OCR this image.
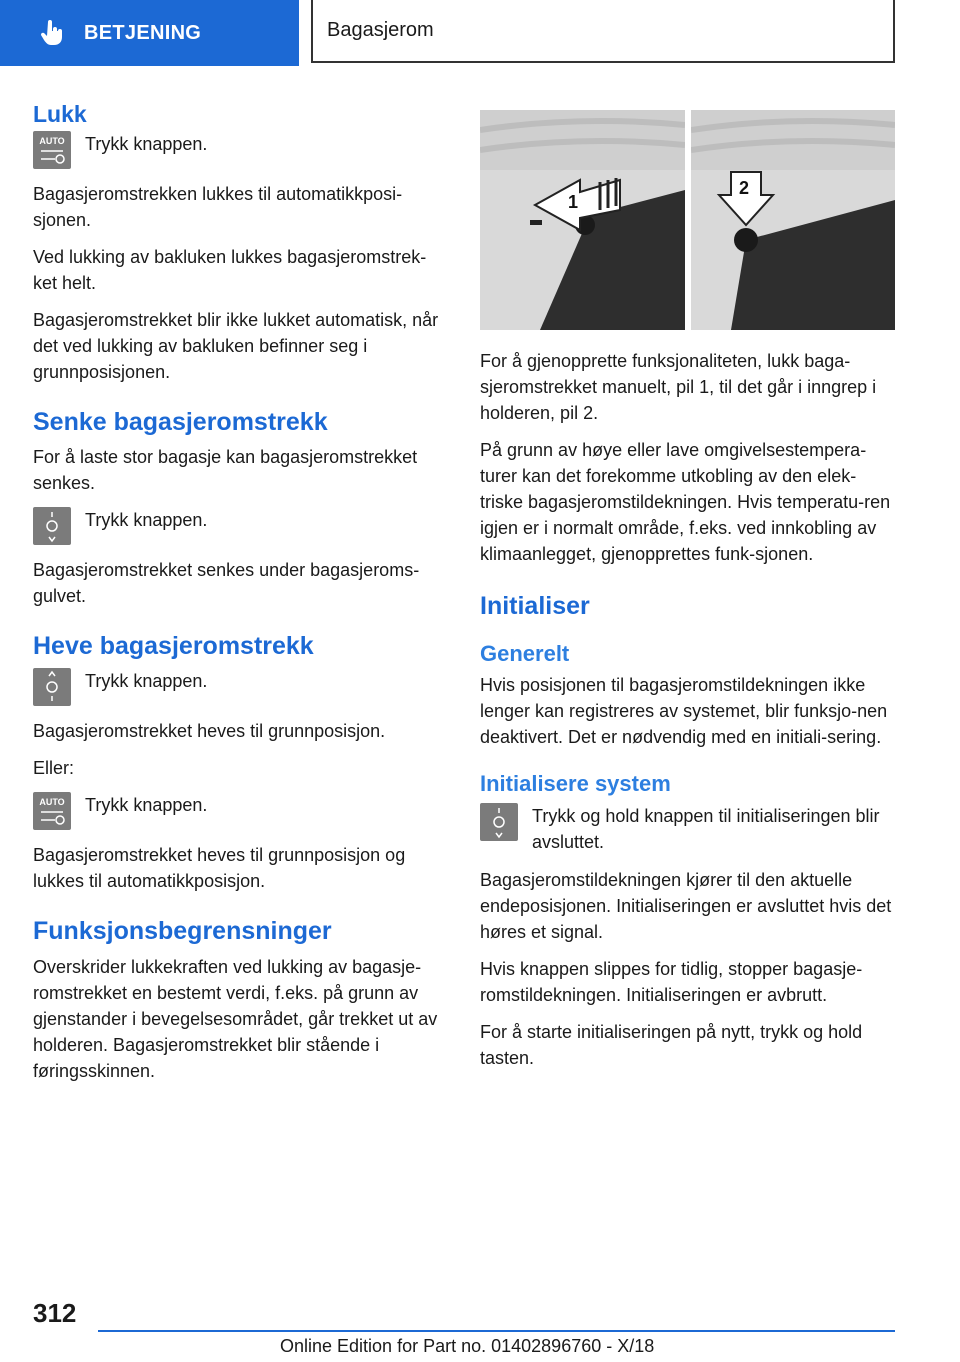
BETJENING	Bagasjerom
Lukk
AUTO Trykk knappen.

Bagasjeromstrekken lukkes til automatikkposi-sjonen.

Ved lukking av bakluken lukkes bagasjeromstrek-ket helt.

Bagasjeromstrekket blir ikke lukket automatisk, når det ved lukking av bakluken befinner seg i grunnposisjonen.

Senke bagasjeromstrekk

For å laste stor bagasje kan bagasjeromstrekket senkes.

Trykk knappen.

Bagasjeromstrekket senkes under bagasjeroms-gulvet.

Heve bagasjeromstrekk

Trykk knappen.

Bagasjeromstrekket heves til grunnposisjon.

Eller:

AUTO Trykk knappen.

Bagasjeromstrekket heves til grunnposisjon og lukkes til automatikkposisjon.

Funksjonsbegrensninger

Overskrider lukkekraften ved lukking av bagasje-romstrekket en bestemt verdi, f.eks. på grunn av gjenstander i bevegelsesområdet, går trekket ut av holderen. Bagasjeromstrekket blir stående i føringsskinnen.

1
2

For å gjenopprette funksjonaliteten, lukk baga-sjeromstrekket manuelt, pil 1, til det går i inngrep i holderen, pil 2.

På grunn av høye eller lave omgivelsestempera-turer kan det forekomme utkobling av den elek-triske bagasjeromstildekningen. Hvis temperatu-ren igjen er i normalt område, f.eks. ved innkobling av klimaanlegget, gjenopprettes funk-sjonen.

Initialiser
Generelt

Hvis posisjonen til bagasjeromstildekningen ikke lenger kan registreres av systemet, blir funksjo-nen deaktivert. Det er nødvendig med en initiali-sering.

Initialisere system

Trykk og hold knappen til initialiseringen blir avsluttet.

Bagasjeromstildekningen kjører til den aktuelle endeposisjonen. Initialiseringen er avsluttet hvis det høres et signal.

Hvis knappen slippes for tidlig, stopper bagasje-romstildekningen. Initialiseringen er avbrutt.

For å starte initialiseringen på nytt, trykk og hold tasten.

312
Online Edition for Part no. 01402896760 - X/18
